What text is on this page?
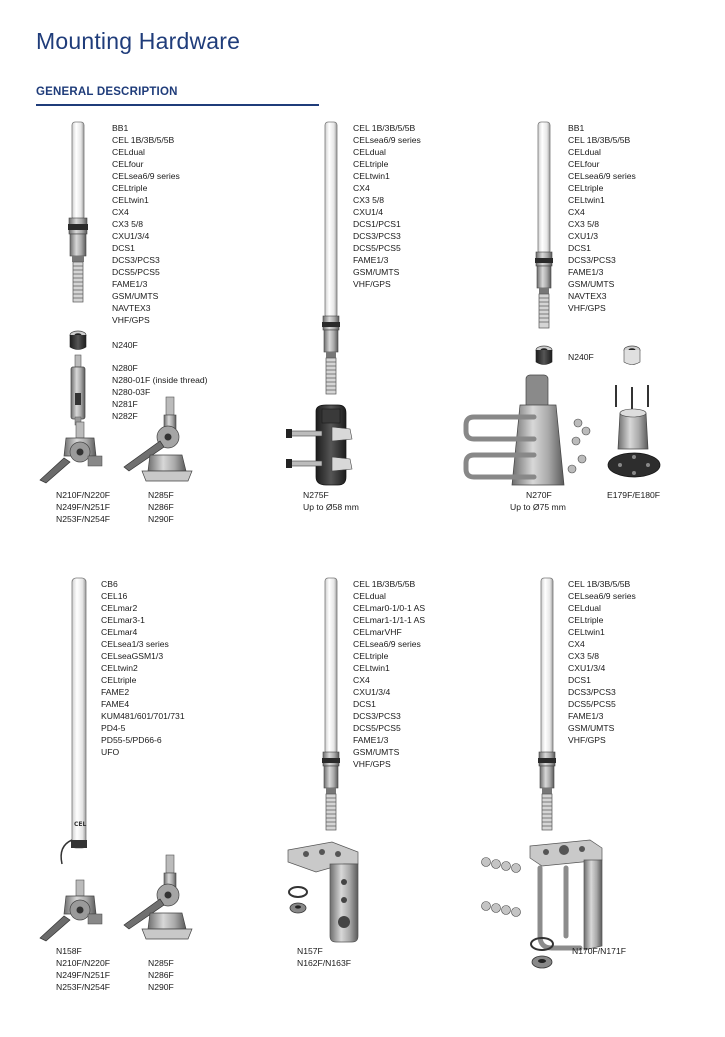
Mounting Hardware
GENERAL DESCRIPTION
BB1
CEL 1B/3B/5/5B
CELdual
CELfour
CELsea6/9 series
CELtriple
CELtwin1
CX4
CX3 5/8
CXU1/3/4
DCS1
DCS3/PCS3
DCS5/PCS5
FAME1/3
GSM/UMTS
NAVTEX3
VHF/GPS
N240F
N280F
N280-01F (inside thread)
N280-03F
N281F
N282F
N210F/N220F
N249F/N251F
N253F/N254F
N285F
N286F
N290F
CEL 1B/3B/5/5B
CELsea6/9 series
CELdual
CELtriple
CELtwin1
CX4
CX3 5/8
CXU1/4
DCS1/PCS1
DCS3/PCS3
DCS5/PCS5
FAME1/3
GSM/UMTS
VHF/GPS
N275F
Up to Ø58 mm
BB1
CEL 1B/3B/5/5B
CELdual
CELfour
CELsea6/9 series
CELtriple
CELtwin1
CX4
CX3 5/8
CXU1/3
DCS1
DCS3/PCS3
FAME1/3
GSM/UMTS
NAVTEX3
VHF/GPS
N240F
N270F
Up to Ø75 mm
E179F/E180F
CEL
CB6
CEL16
CELmar2
CELmar3-1
CELmar4
CELsea1/3 series
CELseaGSM1/3
CELtwin2
CELtriple
FAME2
FAME4
KUM481/601/701/731
PD4-5
PD55-5/PD66-6
UFO
N158F
N210F/N220F
N249F/N251F
N253F/N254F
N285F
N286F
N290F
CEL 1B/3B/5/5B
CELdual
CELmar0-1/0-1 AS
CELmar1-1/1-1 AS
CELmarVHF
CELsea6/9 series
CELtriple
CELtwin1
CX4
CXU1/3/4
DCS1
DCS3/PCS3
DCS5/PCS5
FAME1/3
GSM/UMTS
VHF/GPS
N157F
N162F/N163F
CEL 1B/3B/5/5B
CELsea6/9 series
CELdual
CELtriple
CELtwin1
CX4
CX3 5/8
CXU1/3/4
DCS1
DCS3/PCS3
DCS5/PCS5
FAME1/3
GSM/UMTS
VHF/GPS
N170F/N171F
